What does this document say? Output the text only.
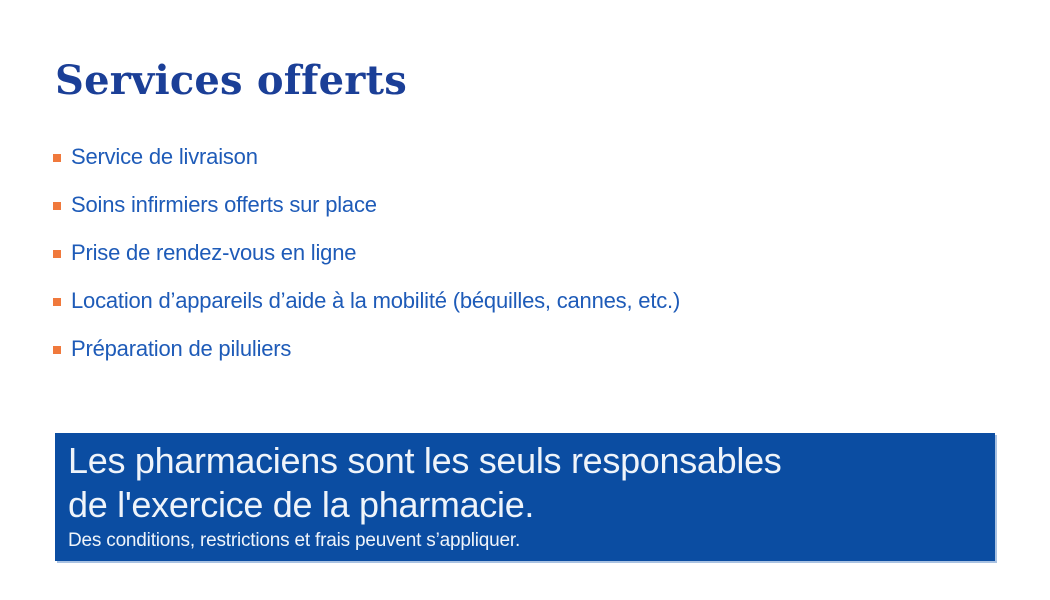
Services offerts
Service de livraison
Soins infirmiers offerts sur place
Prise de rendez-vous en ligne
Location d’appareils d’aide à la mobilité (béquilles, cannes, etc.)
Préparation de piluliers
Les pharmaciens sont les seuls responsables
de l'exercice de la pharmacie.

Des conditions, restrictions et frais peuvent s’appliquer.
